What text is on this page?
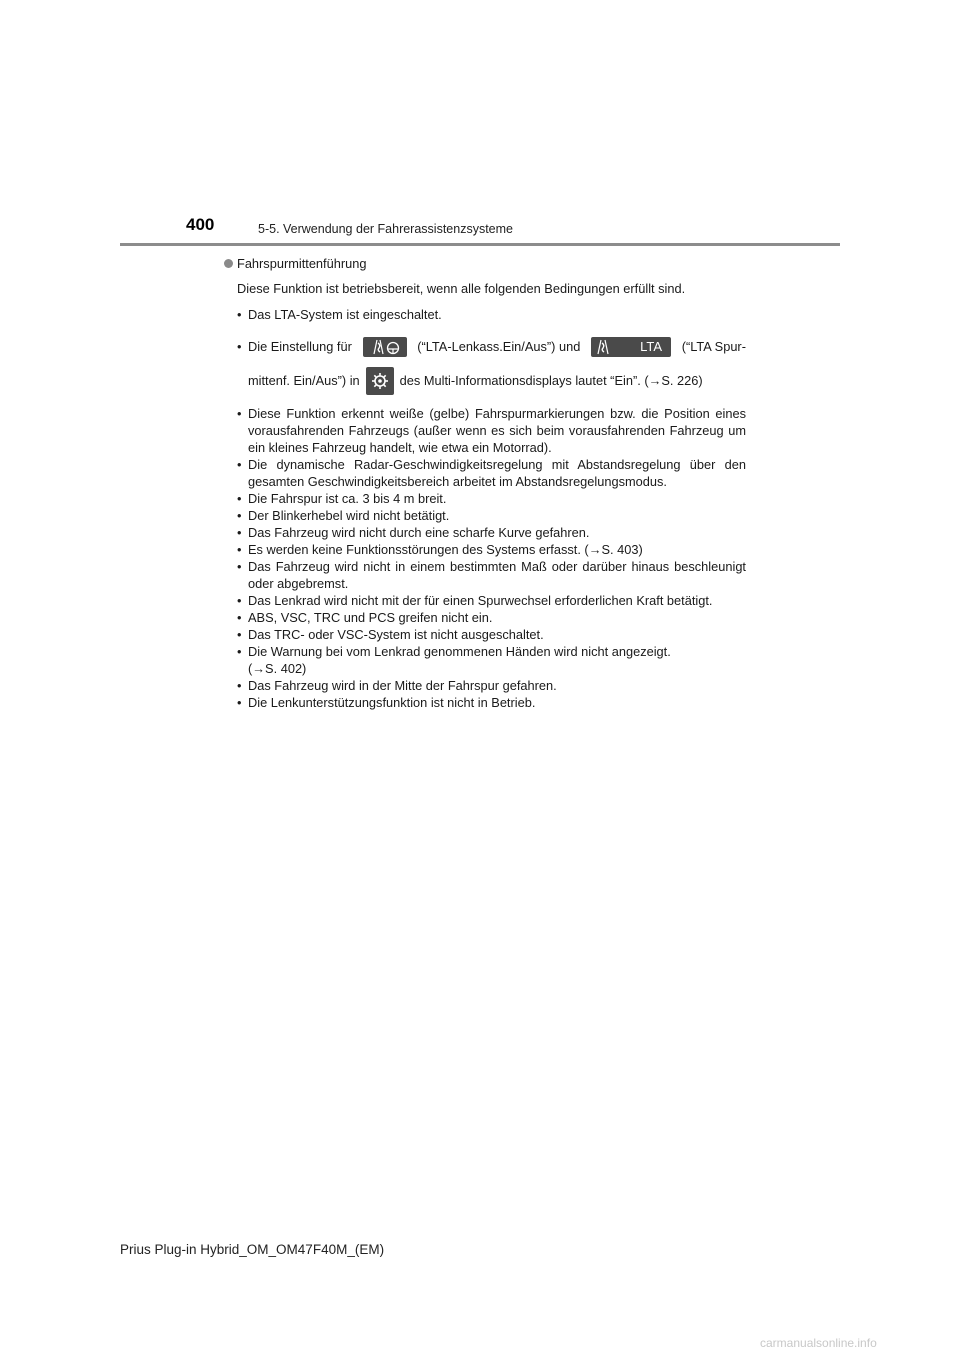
400	5-5. Verwendung der Fahrerassistenzsysteme
Fahrspurmittenführung
Diese Funktion ist betriebsbereit, wenn alle folgenden Bedingungen erfüllt sind.
• Das LTA-System ist eingeschaltet.
• Die Einstellung für	(“LTA-Lenkass.Ein/Aus”) und	LTA (“LTA Spur-
mittenf. Ein/Aus”) in	des Multi-Informationsdisplays lautet “Ein”. ( →S. 226)
• Diese Funktion erkennt weiße (gelbe) Fahrspurmarkierungen bzw. die Position eines vorausfahrenden Fahrzeugs (außer wenn es sich beim vorausfahrenden Fahrzeug um ein kleines Fahrzeug handelt, wie etwa ein Motorrad).
• Die dynamische Radar-Geschwindigkeitsregelung mit Abstandsregelung über den gesamten Geschwindigkeitsbereich arbeitet im Abstandsregelungsmodus.
• Die Fahrspur ist ca. 3 bis 4 m breit.
• Der Blinkerhebel wird nicht betätigt.
• Das Fahrzeug wird nicht durch eine scharfe Kurve gefahren.
• Es werden keine Funktionsstörungen des Systems erfasst. (→S. 403)
• Das Fahrzeug wird nicht in einem bestimmten Maß oder darüber hinaus beschleunigt oder abgebremst.
• Das Lenkrad wird nicht mit der für einen Spurwechsel erforderlichen Kraft betätigt.
• ABS, VSC, TRC und PCS greifen nicht ein.
• Das TRC- oder VSC-System ist nicht ausgeschaltet.
• Die Warnung bei vom Lenkrad genommenen Händen wird nicht angezeigt.
(→S. 402)
• Das Fahrzeug wird in der Mitte der Fahrspur gefahren.
• Die Lenkunterstützungsfunktion ist nicht in Betrieb.
Prius Plug-in Hybrid_OM_OM47F40M_(EM)
carmanualsonline.info
